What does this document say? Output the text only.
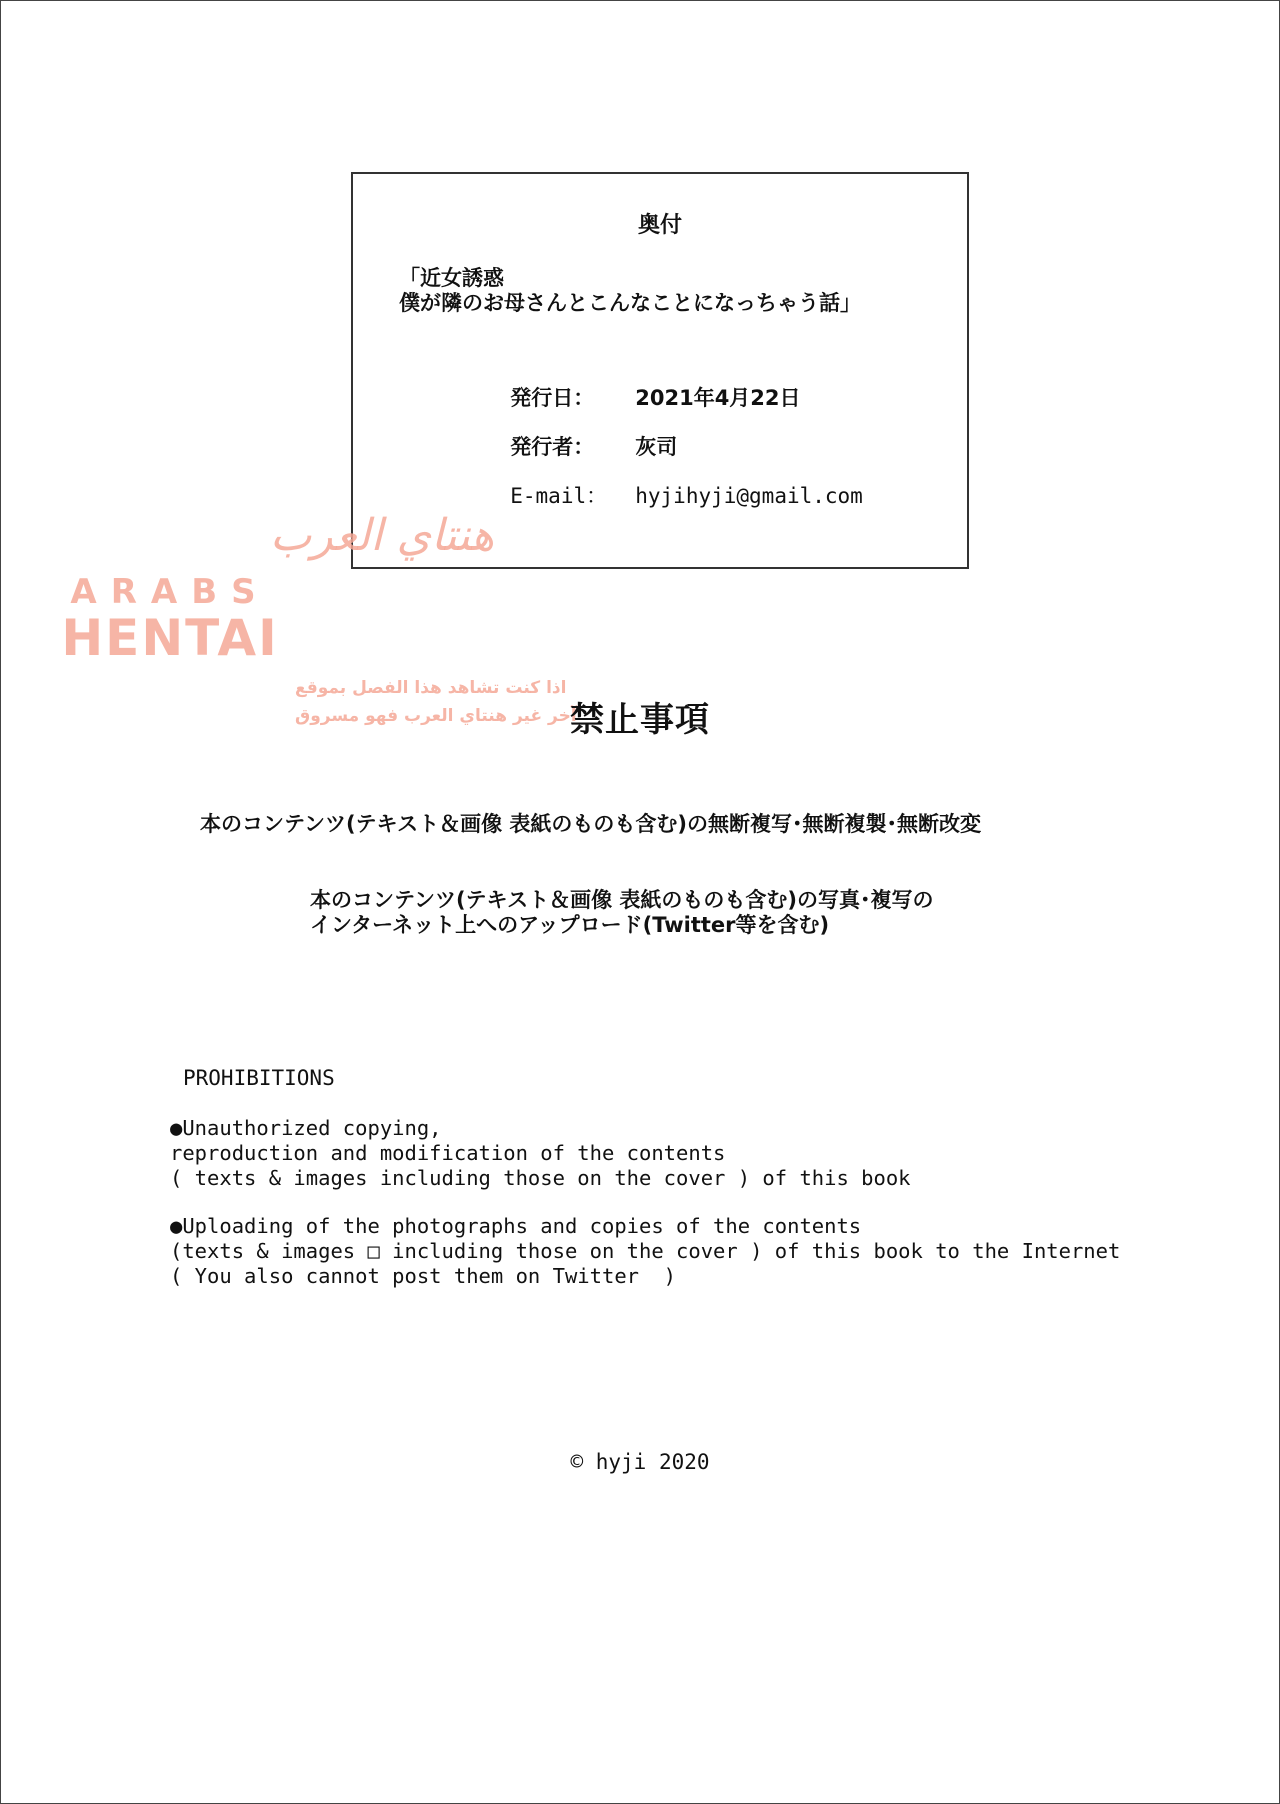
奥付
「近女誘惑
僕が隣のお母さんとこんなことになっちゃう話」

発行日： 2021年4月22日

発行者： 灰司

E-mail： hyjihyji@gmail.com

هنتاي العرب
ARABS
HENTAI
اذا كنت تشاهد هذا الفصل بموقع
آخر غير هنتاي العرب فهو مسروق
禁止事項
本のコンテンツ(テキスト＆画像 表紙のものも含む)の無断複写･無断複製･無断改変
本のコンテンツ(テキスト＆画像 表紙のものも含む)の写真･複写の
インターネット上へのアップロード(Twitter等を含む)
PROHIBITIONS
●Unauthorized copying,
reproduction and modification of the contents
( texts & images including those on the cover ) of this book
●Uploading of the photographs and copies of the contents
(texts & images □ including those on the cover ) of this book to the Internet
( You also cannot post them on Twitter  )
© hyji 2020
